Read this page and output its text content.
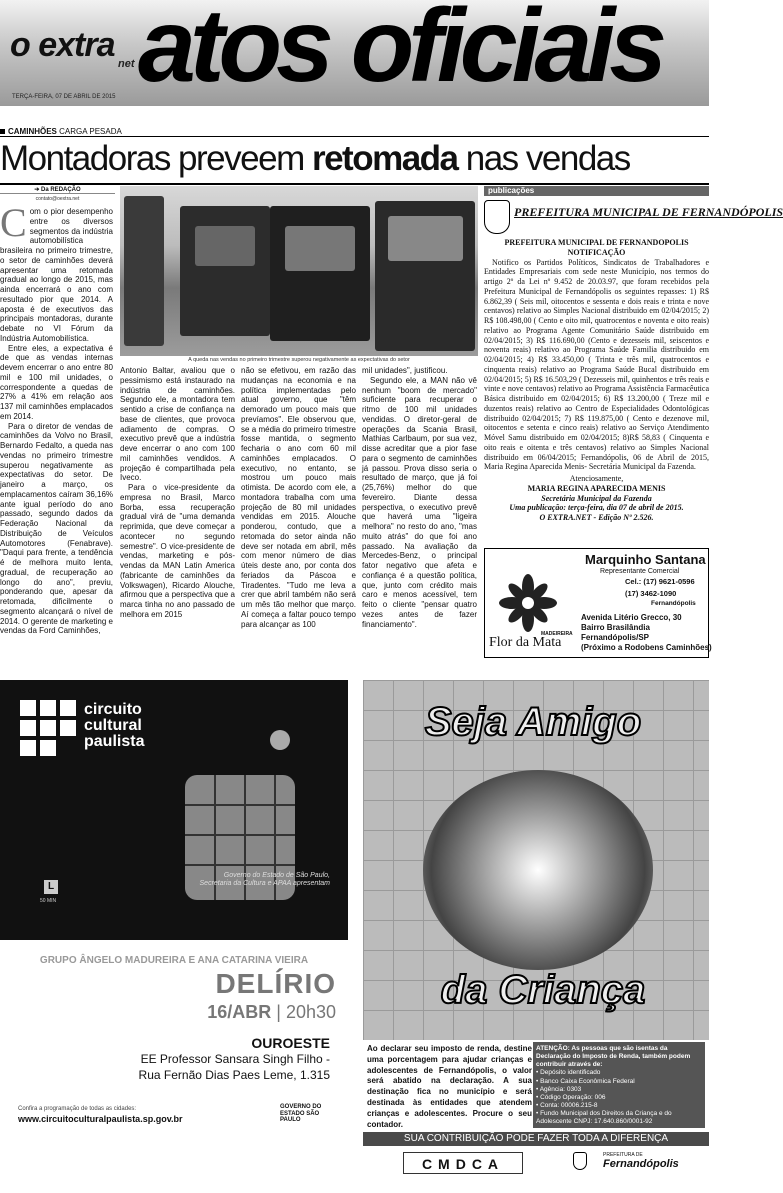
o extra net atos oficiais
TERÇA-FEIRA, 07 DE ABRIL DE 2015
CAMINHÕES CARGA PESADA
Montadoras preveem retomada nas vendas
➔ Da REDAÇÃO
contato@oextra.net
C om o pior desempenho entre os diversos segmentos da indústria automobilística brasileira no primeiro trimestre, o setor de caminhões deverá apresentar uma retomada gradual ao longo de 2015, mas ainda encerrará o ano com resultado pior que 2014. A aposta é de executivos das principais montadoras, durante debate no VI Fórum da Indústria Automobilística.

Entre eles, a expectativa é de que as vendas internas devem encerrar o ano entre 80 mil e 100 mil unidades, o correspondente a quedas de 27% a 41% em relação aos 137 mil caminhões emplacados em 2014.

Para o diretor de vendas de caminhões da Volvo no Brasil, Bernardo Fedalto, a queda nas vendas no primeiro trimestre superou negativamente as expectativas do setor. De janeiro a março, os emplacamentos caíram 36,16% ante igual período do ano passado, segundo dados da Federação Nacional da Distribuição de Veículos Automotores (Fenabrave). "Daqui para frente, a tendência é de melhora muito lenta, gradual, de recuperação ao longo do ano", previu, ponderando que, apesar da retomada, dificilmente o segmento alcançará o nível de 2014. O gerente de marketing e vendas da Ford Caminhões,

A queda nas vendas no primeiro trimestre superou negativamente as expectativas do setor

Antonio Baltar, avaliou que o pessimismo está instaurado na indústria de caminhões. Segundo ele, a montadora tem sentido a crise de confiança na base de clientes, que provoca adiamento de compras. O executivo prevê que a indústria deve encerrar o ano com 100 mil caminhões vendidos. A projeção é compartilhada pela Iveco.

Para o vice-presidente da empresa no Brasil, Marco Borba, essa recuperação gradual virá de "uma demanda reprimida, que deve começar a acontecer no segundo semestre". O vice-presidente de vendas, marketing e pós-vendas da MAN Latin America (fabricante de caminhões da Volkswagen), Ricardo Alouche, afirmou que a perspectiva que a marca tinha no ano passado de melhora em 2015

não se efetivou, em razão das mudanças na economia e na política implementadas pelo atual governo, que "têm demorado um pouco mais que prevíamos". Ele observou que, se a média do primeiro trimestre fosse mantida, o segmento fecharia o ano com 60 mil caminhões emplacados. O executivo, no entanto, se mostrou um pouco mais otimista. De acordo com ele, a montadora trabalha com uma projeção de 80 mil unidades vendidas em 2015. Alouche ponderou, contudo, que a retomada do setor ainda não deve ser notada em abril, mês com menor número de dias úteis deste ano, por conta dos feriados da Páscoa e Tiradentes. "Tudo me leva a crer que abril também não será um mês tão melhor que março. Aí começa a faltar pouco tempo para alcançar as 100

mil unidades", justificou.

Segundo ele, a MAN não vê nenhum "boom de mercado" suficiente para recuperar o ritmo de 100 mil unidades vendidas. O diretor-geral de operações da Scania Brasil, Mathias Carlbaum, por sua vez, disse acreditar que a pior fase para o segmento de caminhões já passou. Prova disso seria o resultado de março, que já foi (25,76%) melhor do que fevereiro. Diante dessa perspectiva, o executivo prevê que haverá uma "ligeira melhora" no resto do ano, "mas muito atrás" do que foi ano passado. Na avaliação da Mercedes-Benz, o principal fator negativo que afeta e confiança é a questão política, que, junto com crédito mais caro e menos acessível, tem feito o cliente "pensar quatro vezes antes de fazer financiamento".

publicações
PREFEITURA MUNICIPAL DE FERNANDÓPOLIS
PREFEITURA MUNICIPAL DE FERNANDOPOLIS
NOTIFICAÇÃO

Notifico os Partidos Políticos, Sindicatos de Trabalhadores e Entidades Empresariais com sede neste Município, nos termos do artigo 2º da Lei nº 9.452 de 20.03.97, que foram recebidos pela Prefeitura Municipal de Fernandópolis os seguintes repasses: 1) R$ 6.862,39 ( Seis mil, oitocentos e sessenta e dois reais e trinta e nove centavos) relativo ao Simples Nacional distribuido em 02/04/2015; 2) R$ 108.498,00 ( Cento e oito mil, quatrocentos e noventa e oito reais) relativo ao Programa Agente Comunitário Saúde distribuido em 02/04/2015; 3) R$ 116.690,00 (Cento e dezesseis mil, seiscentos e noventa reais) relativo ao Programa Saúde Familia distribuido em 02/04/2015; 4) R$ 33.450,00 ( Trinta e três mil, quatrocentos e cinquenta reais) relativo ao Programa Saúde Bucal distribuido em 02/04/2015; 5) R$ 16.503,29 ( Dezesseis mil, quinhentos e três reais e vinte e nove centavos) relativo ao Programa Assistência Farmacêutica Básica distribuido em 02/04/2015; 6) R$ 13.200,00 ( Treze mil e duzentos reais) relativo ao Centro de Especialidades Odontológicas distribuido 02/04/2015; 7) R$ 119.875,00 ( Cento e dezenove mil, oitocentos e setenta e cinco reais) relativo ao Serviço Atendimento Móvel Samu distribuido em 02/04/2015; 8)R$ 58,83 ( Cinquenta e oito reais e oitenta e três centavos) relativo ao Simples Nacional distribuido em 06/04/2015; Fernandópolis, 06 de Abril de 2015, Maria Regina Aparecida Menis- Secretária Municipal da Fazenda.

Atenciosamente,
MARIA REGINA APARECIDA MENIS
Secretária Municipal da Fazenda
Uma publicação: terça-feira, dia 07 de abril de 2015.
O EXTRA.NET - Edição Nº 2.526.
Marquinho Santana
Representante Comercial
Cel.: (17) 9621-0596
(17) 3462-1090
Fernandópolis
Avenida Litério Grecco, 30
Bairro Brasilândia
Fernandópolis/SP
(Próximo a Rodobens Caminhões)
MADEIREIRA
Flor da Mata
circuito
cultural
paulista
Governo do Estado de São Paulo,
Secretaria da Cultura e APAA apresentam
L
50 MIN
GRUPO ÂNGELO MADUREIRA E ANA CATARINA VIEIRA
DELÍRIO
16/ABR | 20h30
OUROESTE
EE Professor Sansara Singh Filho -
Rua Fernão Dias Paes Leme, 1.315
Confira a programação de todas as cidades:
www.circuitoculturalpaulista.sp.gov.br
GOVERNO DO ESTADO SÃO PAULO
Seja Amigo
da Criança
Ao declarar seu imposto de renda, destine uma porcentagem para ajudar crianças e adolescentes de Fernandópolis, o valor será abatido na declaração. A sua destinação fica no município e será destinada às entidades que atendem crianças e adolescentes. Procure o seu contador.
ATENÇÃO: As pessoas que são isentas da Declaração do Imposto de Renda, também podem contribuir através de:
• Depósito identificado
• Banco Caixa Econômica Federal
• Agência: 0303
• Código Operação: 006
• Conta: 00006.215-8
• Fundo Municipal dos Direitos da Criança e do Adolescente CNPJ: 17.640.860/0001-92
SUA CONTRIBUIÇÃO PODE FAZER TODA A DIFERENÇA
CMDCA
PREFEITURA DE
Fernandópolis
